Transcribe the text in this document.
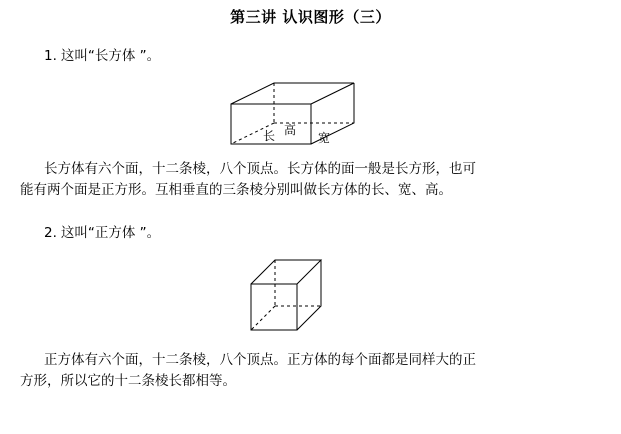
第三讲 认识图形（三）
1. 这叫“长方体 ”。
长 高
宽
长方体有六个面，十二条棱，八个顶点。长方体的面一般是长方形，也可
能有两个面是正方形。互相垂直的三条棱分别叫做长方体的长、宽、高。
2. 这叫“正方体 ”。
正方体有六个面，十二条棱，八个顶点。正方体的每个面都是同样大的正
方形，所以它的十二条棱长都相等。
